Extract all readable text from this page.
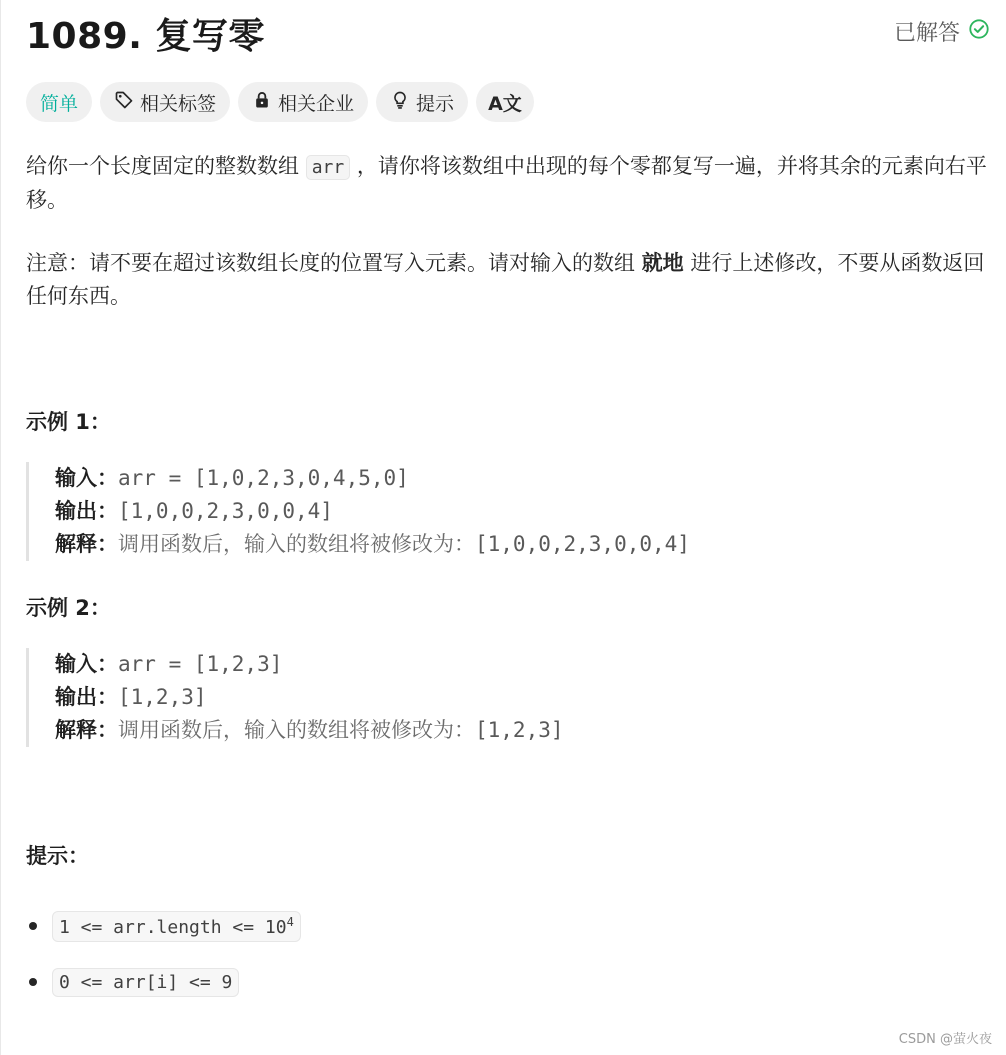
1089. 复写零	已解答
简单	相关标签	相关企业	提示 A文
给你一个长度固定的整数数组 arr ，请你将该数组中出现的每个零都复写一遍，并将其余的元素向右平移。
注意：请不要在超过该数组长度的位置写入元素。请对输入的数组 就地 进行上述修改，不要从函数返回任何东西。
示例 1：
输入：arr = [1,0,2,3,0,4,5,0]
输出：[1,0,0,2,3,0,0,4]
解释：调用函数后，输入的数组将被修改为：[1,0,0,2,3,0,0,4]
示例 2：
输入：arr = [1,2,3]
输出：[1,2,3]
解释：调用函数后，输入的数组将被修改为：[1,2,3]
提示：
1 <= arr.length <= $10^4$
0 <= arr[i] <= 9
CSDN @萤火夜
